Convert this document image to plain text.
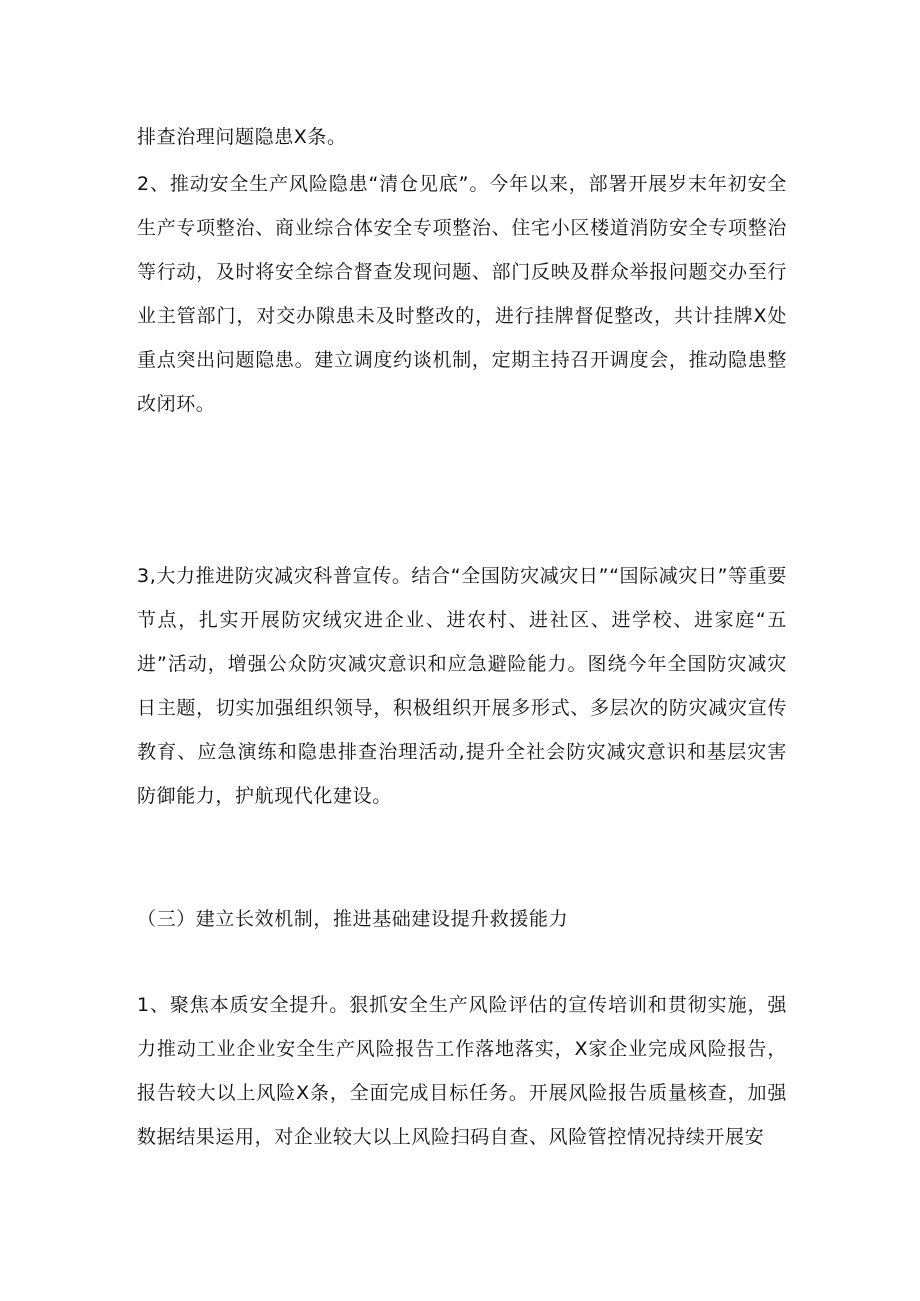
排查治理问题隐患X条。

2、推动安全生产风险隐患“清仓见底”。今年以来，部署开展岁末年初安全生产专项整治、商业综合体安全专项整治、住宅小区楼道消防安全专项整治等行动，及时将安全综合督查发现问题、部门反映及群众举报问题交办至行业主管部门，对交办隙患未及时整改的，进行挂牌督促整改，共计挂牌X处重点突出问题隐患。建立调度约谈机制，定期主持召开调度会，推动隐患整改闭环。

3,大力推进防灾减灾科普宣传。结合“全国防灾减灾日”“国际减灾日”等重要节点，扎实开展防灾绒灾进企业、进农村、进社区、进学校、进家庭“五进”活动，增强公众防灾减灾意识和应急避险能力。图绕今年全国防灾减灾日主题，切实加强组织领导，积极组织开展多形式、多层次的防灾减灾宣传教育、应急演练和隐患排查治理活动,提升全社会防灾减灾意识和基层灾害防御能力，护航现代化建设。

（三）建立长效机制，推进基础建设提升救援能力

1、聚焦本质安全提升。狠抓安全生产风险评估的宣传培训和贯彻实施，强力推动工业企业安全生产风险报告工作落地落实，X家企业完成风险报告，报告较大以上风险X条，全面完成目标任务。开展风险报告质量核查，加强数据结果运用，对企业较大以上风险扫码自查、风险管控情况持续开展安
